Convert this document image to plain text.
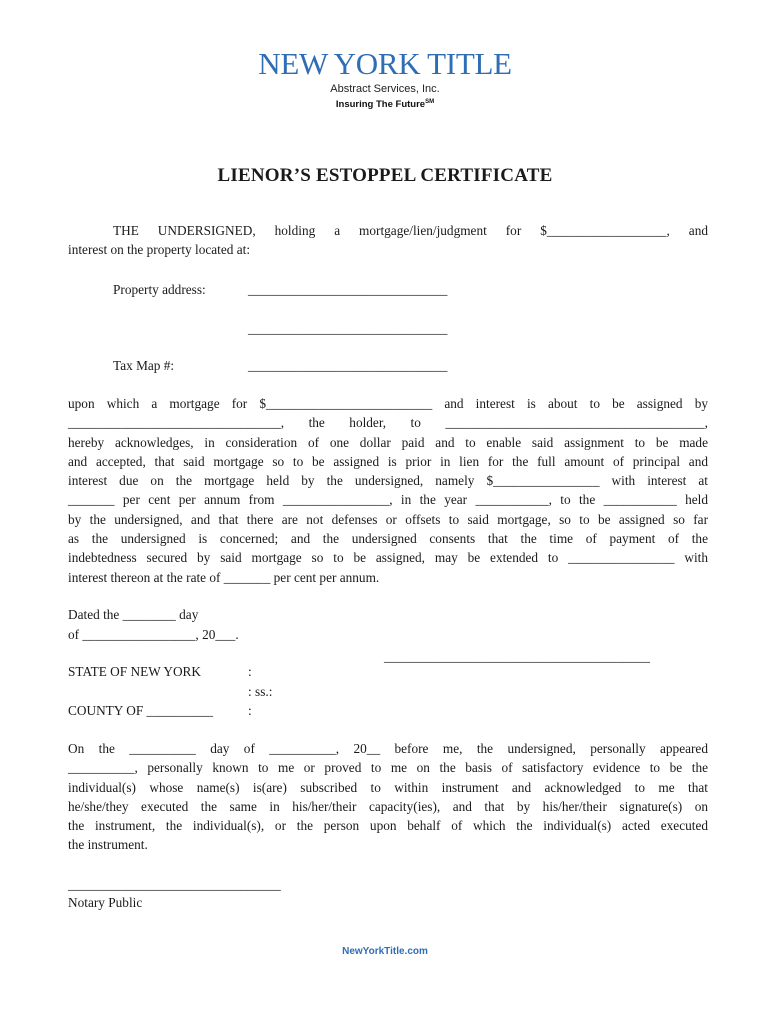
NEW YORK TITLE
Abstract Services, Inc.
Insuring The Future℠
LIENOR’S ESTOPPEL CERTIFICATE

THE UNDERSIGNED, holding a mortgage/lien/judgment for $__________________, and

interest on the property located at:

Property address:	______________________________
______________________________
Tax Map #:	______________________________

upon which a mortgage for $_________________________ and interest is about to be assigned by

________________________________, the holder, to _______________________________________,

hereby acknowledges, in consideration of one dollar paid and to enable said assignment to be made

and accepted, that said mortgage so to be assigned is prior in lien for the full amount of principal and

interest due on the mortgage held by the undersigned, namely $________________ with interest at

_______ per cent per annum from ________________, in the year ___________, to the ___________ held

by the undersigned, and that there are not defenses or offsets to said mortgage, so to be assigned so far

as the undersigned is concerned; and the undersigned consents that the time of payment of the

indebtedness secured by said mortgage so to be assigned, may be extended to ________________ with

interest thereon at the rate of _______ per cent per annum.

Dated the ________ day
of _________________, 20___.
________________________________________
STATE OF NEW YORK	:
: ss.:
COUNTY OF __________	:

On the __________ day of __________, 20__ before me, the undersigned, personally appeared

__________, personally known to me or proved to me on the basis of satisfactory evidence to be the

individual(s) whose name(s) is(are) subscribed to within instrument and acknowledged to me that

he/she/they executed the same in his/her/their capacity(ies), and that by his/her/their signature(s) on

the instrument, the individual(s), or the person upon behalf of which the individual(s) acted executed

the instrument.

________________________________
Notary Public
NewYorkTitle.com
